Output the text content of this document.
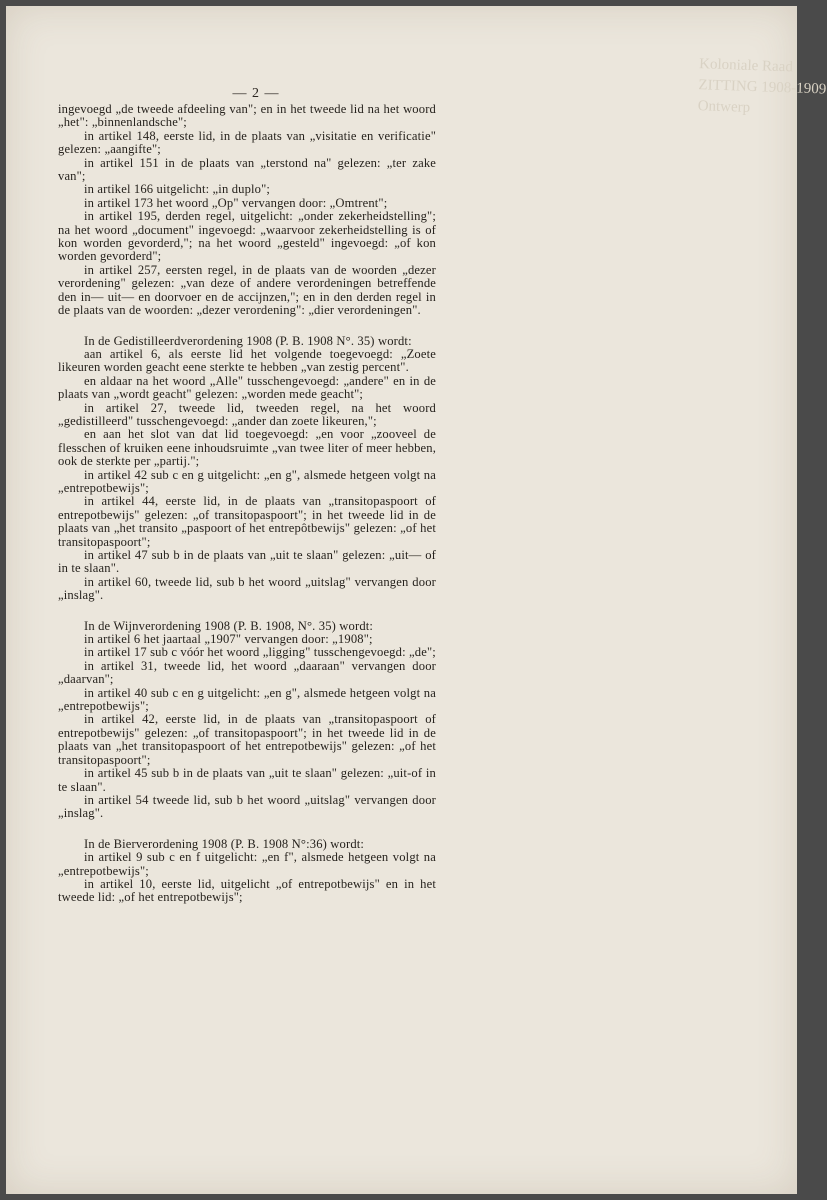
Koloniale Raad
ZITTING 1908-1909
Ontwerp
— 2 —

ingevoegd „de tweede afdeeling van"; en in het tweede lid na het woord „het": „binnenlandsche";

in artikel 148, eerste lid, in de plaats van „visitatie en verificatie" gelezen: „aangifte";

in artikel 151 in de plaats van „terstond na" gelezen: „ter zake van";

in artikel 166 uitgelicht: „in duplo";

in artikel 173 het woord „Op" vervangen door: „Omtrent";

in artikel 195, derden regel, uitgelicht: „onder zekerheidstelling"; na het woord „document" ingevoegd: „waarvoor zekerheidstelling is of kon worden gevorderd,"; na het woord „gesteld" ingevoegd: „of kon worden gevorderd";

in artikel 257, eersten regel, in de plaats van de woorden „dezer verordening" gelezen: „van deze of andere verordeningen betreffende den in— uit— en doorvoer en de accijnzen,"; en in den derden regel in de plaats van de woorden: „dezer verordening": „dier verordeningen".

In de Gedistilleerdverordening 1908 (P. B. 1908 N°. 35) wordt:

aan artikel 6, als eerste lid het volgende toegevoegd: „Zoete likeuren worden geacht eene sterkte te hebben „van zestig percent".

en aldaar na het woord „Alle" tusschengevoegd: „andere" en in de plaats van „wordt geacht" gelezen: „worden mede geacht";

in artikel 27, tweede lid, tweeden regel, na het woord „gedistilleerd" tusschengevoegd: „ander dan zoete likeuren,";

en aan het slot van dat lid toegevoegd: „en voor „zooveel de flesschen of kruiken eene inhoudsruimte „van twee liter of meer hebben, ook de sterkte per „partij.";

in artikel 42 sub c en g uitgelicht: „en g", alsmede hetgeen volgt na „entrepotbewijs";

in artikel 44, eerste lid, in de plaats van „transitopaspoort of entrepotbewijs" gelezen: „of transitopaspoort"; in het tweede lid in de plaats van „het transito „paspoort of het entrepôtbewijs" gelezen: „of het transitopaspoort";

in artikel 47 sub b in de plaats van „uit te slaan" gelezen: „uit— of in te slaan".

in artikel 60, tweede lid, sub b het woord „uitslag" vervangen door „inslag".

In de Wijnverordening 1908 (P. B. 1908, N°. 35) wordt:

in artikel 6 het jaartaal „1907" vervangen door: „1908";

in artikel 17 sub c vóór het woord „ligging" tusschengevoegd: „de";

in artikel 31, tweede lid, het woord „daaraan" vervangen door „daarvan";

in artikel 40 sub c en g uitgelicht: „en g", alsmede hetgeen volgt na „entrepotbewijs";

in artikel 42, eerste lid, in de plaats van „transitopaspoort of entrepotbewijs" gelezen: „of transitopaspoort"; in het tweede lid in de plaats van „het transitopaspoort of het entrepotbewijs" gelezen: „of het transitopaspoort";

in artikel 45 sub b in de plaats van „uit te slaan" gelezen: „uit-of in te slaan".

in artikel 54 tweede lid, sub b het woord „uitslag" vervangen door „inslag".

In de Bierverordening 1908 (P. B. 1908 N°:36) wordt:

in artikel 9 sub c en f uitgelicht: „en f", alsmede hetgeen volgt na „entrepotbewijs";

in artikel 10, eerste lid, uitgelicht „of entrepotbewijs" en in het tweede lid: „of het entrepotbewijs";
